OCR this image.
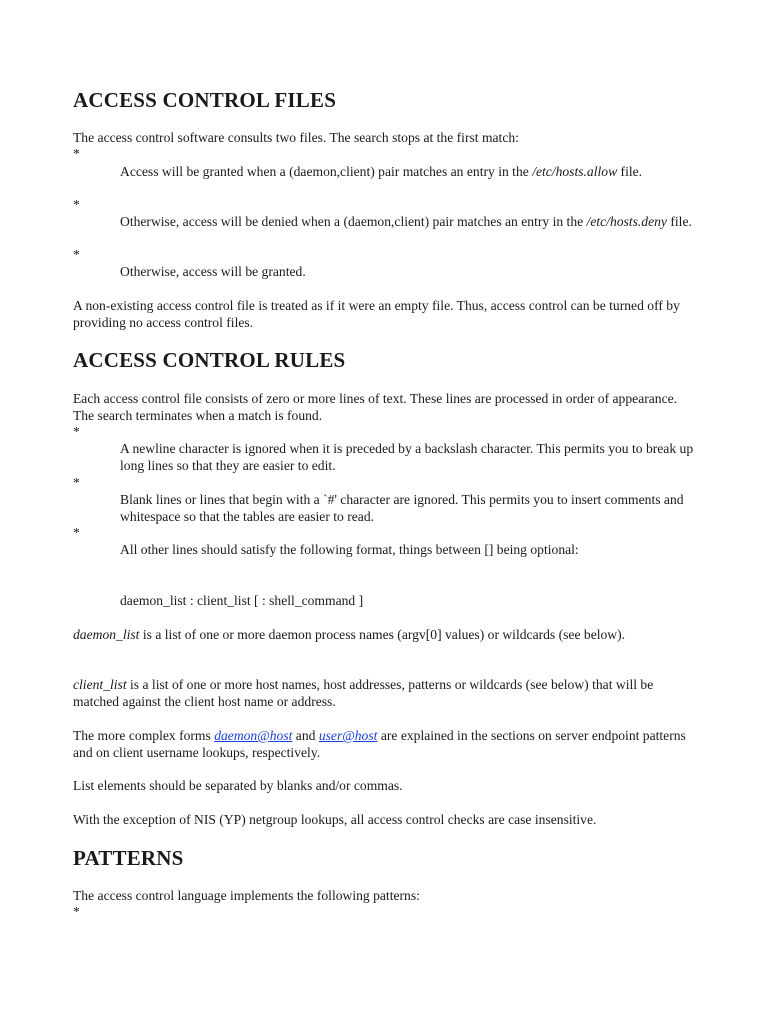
ACCESS CONTROL FILES

The access control software consults two files. The search stops at the first match:

*

Access will be granted when a (daemon,client) pair matches an entry in the /etc/hosts.allow file.

*

Otherwise, access will be denied when a (daemon,client) pair matches an entry in the /etc/hosts.deny file.

*

Otherwise, access will be granted.

A non-existing access control file is treated as if it were an empty file. Thus, access control can be turned off by providing no access control files.

ACCESS CONTROL RULES

Each access control file consists of zero or more lines of text. These lines are processed in order of appearance. The search terminates when a match is found.

*

A newline character is ignored when it is preceded by a backslash character. This permits you to break up long lines so that they are easier to edit.

*

Blank lines or lines that begin with a `#' character are ignored. This permits you to insert comments and whitespace so that the tables are easier to read.

*

All other lines should satisfy the following format, things between [] being optional:

daemon_list : client_list [ : shell_command ]

daemon_list is a list of one or more daemon process names (argv[0] values) or wildcards (see below).

client_list is a list of one or more host names, host addresses, patterns or wildcards (see below) that will be matched against the client host name or address.

The more complex forms daemon@host and user@host are explained in the sections on server endpoint patterns and on client username lookups, respectively.

List elements should be separated by blanks and/or commas.

With the exception of NIS (YP) netgroup lookups, all access control checks are case insensitive.

PATTERNS

The access control language implements the following patterns:

*
